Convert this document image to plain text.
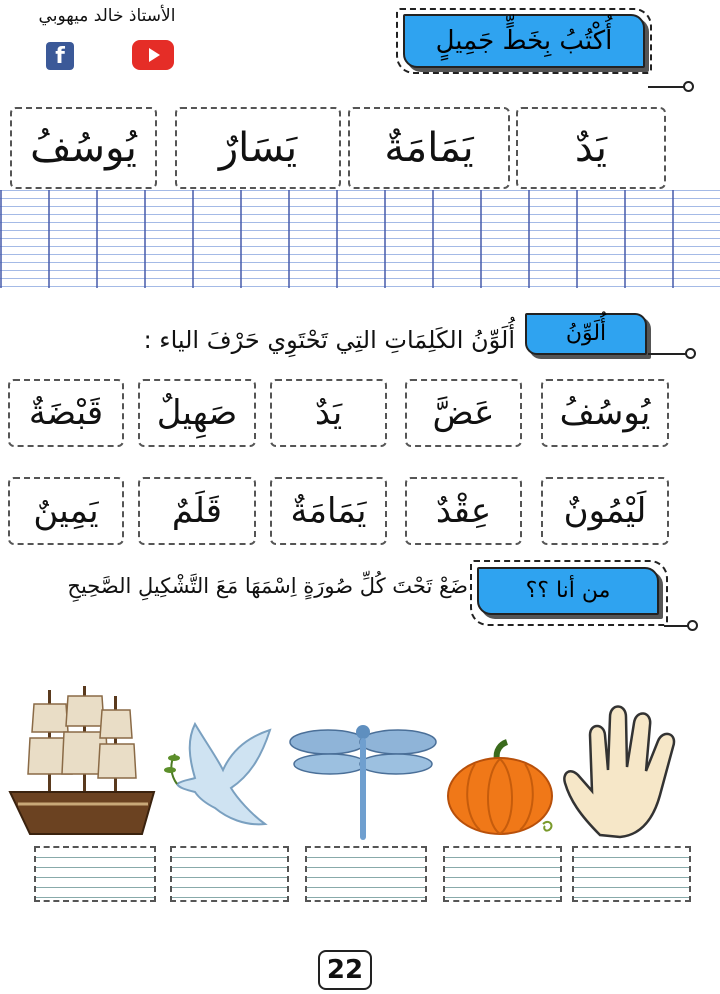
الأستاذ خالد ميهوبي
f
أُكْتُبُ بِخَطٍّ جَمِيلٍ
يَدٌ
يَمَامَةٌ
يَسَارٌ
يُوسُفُ
أُلَوِّنُ
أُلَوِّنُ الكَلِمَاتِ التِي تَحْتَوِي حَرْفَ الياء :
يُوسُفُ
عَضَّ
يَدٌ
صَهِيلٌ
قَبْضَةٌ
لَيْمُونٌ
عِقْدٌ
يَمَامَةٌ
قَلَمٌ
يَمِينٌ
من أنا ؟؟
ضَعْ تَحْتَ كُلِّ صُورَةٍ اِسْمَهَا مَعَ التَّشْكِيلِ الصَّحِيحِ
22
